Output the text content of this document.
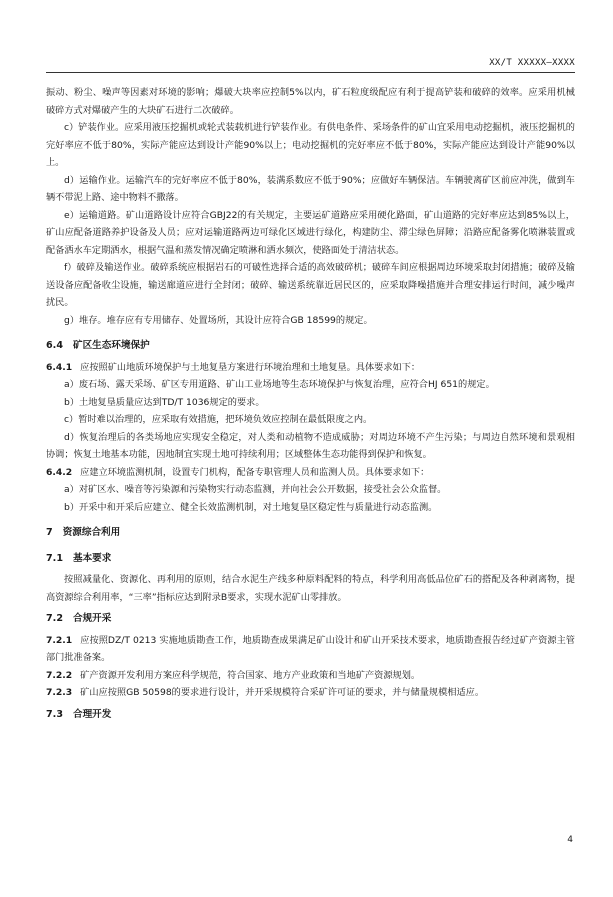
XX/T XXXXX—XXXX

振动、粉尘、噪声等因素对环境的影响；爆破大块率应控制5%以内，矿石粒度级配应有利于提高铲装和破碎的效率。应采用机械破碎方式对爆破产生的大块矿石进行二次破碎。

c）铲装作业。应采用液压挖掘机或轮式装载机进行铲装作业。有供电条件、采场条件的矿山宜采用电动挖掘机，液压挖掘机的完好率应不低于80%，实际产能应达到设计产能90%以上；电动挖掘机的完好率应不低于80%，实际产能应达到设计产能90%以上。

d）运输作业。运输汽车的完好率应不低于80%，装满系数应不低于90%；应做好车辆保洁。车辆驶离矿区前应冲洗，做到车辆不带泥上路、途中物料不撒落。

e）运输道路。矿山道路设计应符合GBJ22的有关规定，主要运矿道路应采用硬化路面，矿山道路的完好率应达到85%以上，矿山应配备道路养护设备及人员；应对运输道路两边可绿化区域进行绿化，构建防尘、滞尘绿色屏障；沿路应配备雾化喷淋装置或配备洒水车定期洒水，根据气温和蒸发情况确定喷淋和洒水频次，使路面处于清洁状态。

f）破碎及输送作业。破碎系统应根据岩石的可破性选择合适的高效破碎机；破碎车间应根据周边环境采取封闭措施；破碎及输送设备应配备收尘设施，输送廊道应进行全封闭；破碎、输送系统靠近居民区的，应采取降噪措施并合理安排运行时间，减少噪声扰民。

g）堆存。堆存应有专用储存、处置场所，其设计应符合GB 18599的规定。

6.4 矿区生态环境保护

6.4.1 应按照矿山地质环境保护与土地复垦方案进行环境治理和土地复垦。具体要求如下：

a）废石场、露天采场、矿区专用道路、矿山工业场地等生态环境保护与恢复治理，应符合HJ 651的规定。

b）土地复垦质量应达到TD/T 1036规定的要求。

c）暂时难以治理的，应采取有效措施，把环境负效应控制在最低限度之内。

d）恢复治理后的各类场地应实现安全稳定，对人类和动植物不造成威胁；对周边环境不产生污染；与周边自然环境和景观相协调；恢复土地基本功能，因地制宜实现土地可持续利用；区域整体生态功能得到保护和恢复。

6.4.2 应建立环境监测机制，设置专门机构，配备专职管理人员和监测人员。具体要求如下：

a）对矿区水、噪音等污染源和污染物实行动态监测，并向社会公开数据，接受社会公众监督。

b）开采中和开采后应建立、健全长效监测机制，对土地复垦区稳定性与质量进行动态监测。

7 资源综合利用

7.1 基本要求

按照减量化、资源化、再利用的原则，结合水泥生产线多种原料配料的特点，科学利用高低品位矿石的搭配及各种剥离物，提高资源综合利用率，“三率”指标应达到附录B要求，实现水泥矿山零排放。

7.2 合规开采

7.2.1 应按照DZ/T 0213 实施地质勘查工作，地质勘查成果满足矿山设计和矿山开采技术要求，地质勘查报告经过矿产资源主管部门批准备案。

7.2.2 矿产资源开发利用方案应科学规范，符合国家、地方产业政策和当地矿产资源规划。

7.2.3 矿山应按照GB 50598的要求进行设计，并开采规模符合采矿许可证的要求，并与储量规模相适应。

7.3 合理开发

4
